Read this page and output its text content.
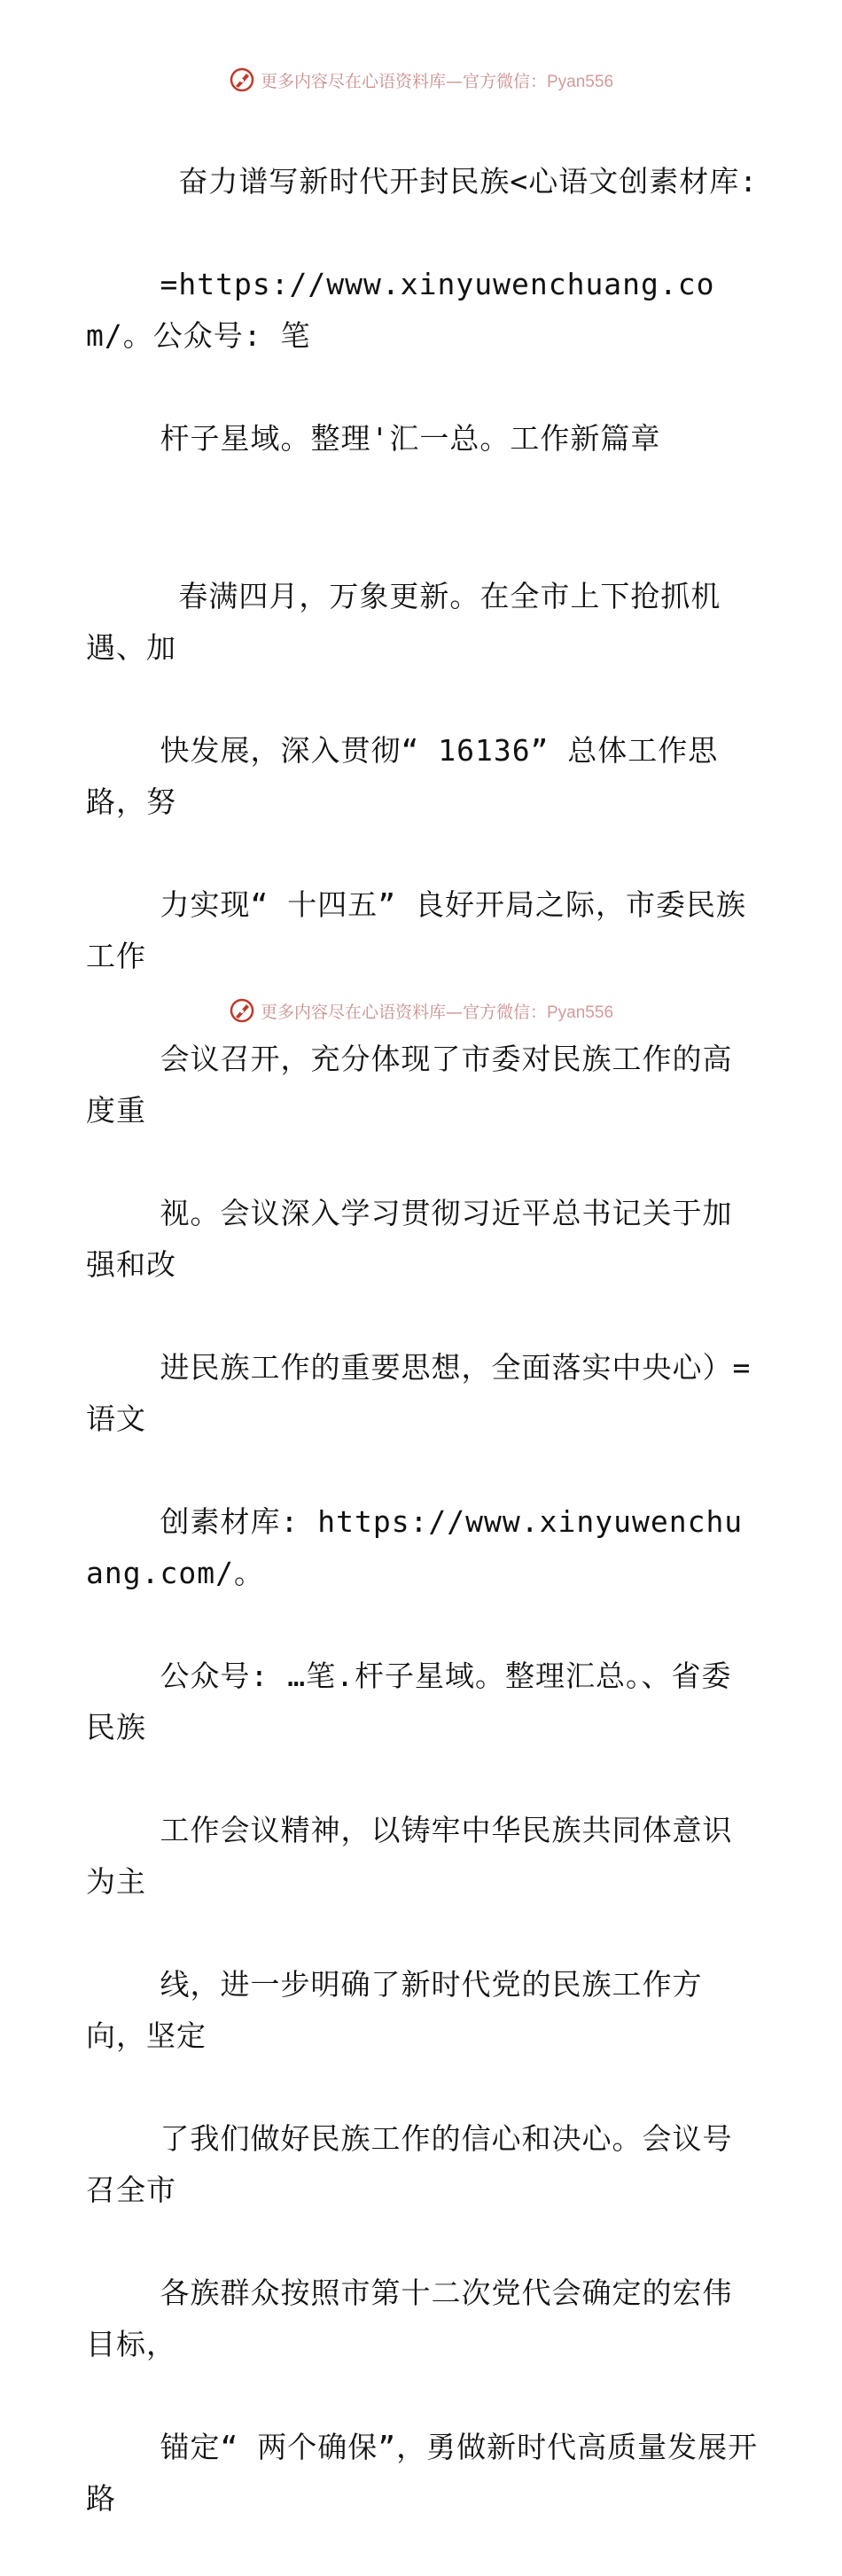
更多内容尽在心语资料库—官方微信：Pyan556

奋力谱写新时代开封民族<心语文创素材库:

=https://www.xinyuwenchuang.com/。公众号: 笔

杆子星域。整理'汇一总。工作新篇章

春满四月，万象更新。在全市上下抢抓机遇、加

快发展，深入贯彻“ 16136” 总体工作思路，努

力实现“ 十四五” 良好开局之际，市委民族工作

会议召开，充分体现了市委对民族工作的高度重

视。会议深入学习贯彻习近平总书记关于加强和改

进民族工作的重要思想，全面落实中央心）=语文

创素材库: https://www.xinyuwenchuang.com/。

公众号: …笔.杆子星域。整理汇总。、省委民族

工作会议精神，以铸牢中华民族共同体意识为主

线，进一步明确了新时代党的民族工作方向，坚定

了我们做好民族工作的信心和决心。会议号召全市

各族群众按照市第十二次党代会确定的宏伟目标，

锚定“ 两个确保”，勇做新时代高质量发展开路

更多内容尽在心语资料库—官方微信：Pyan556
